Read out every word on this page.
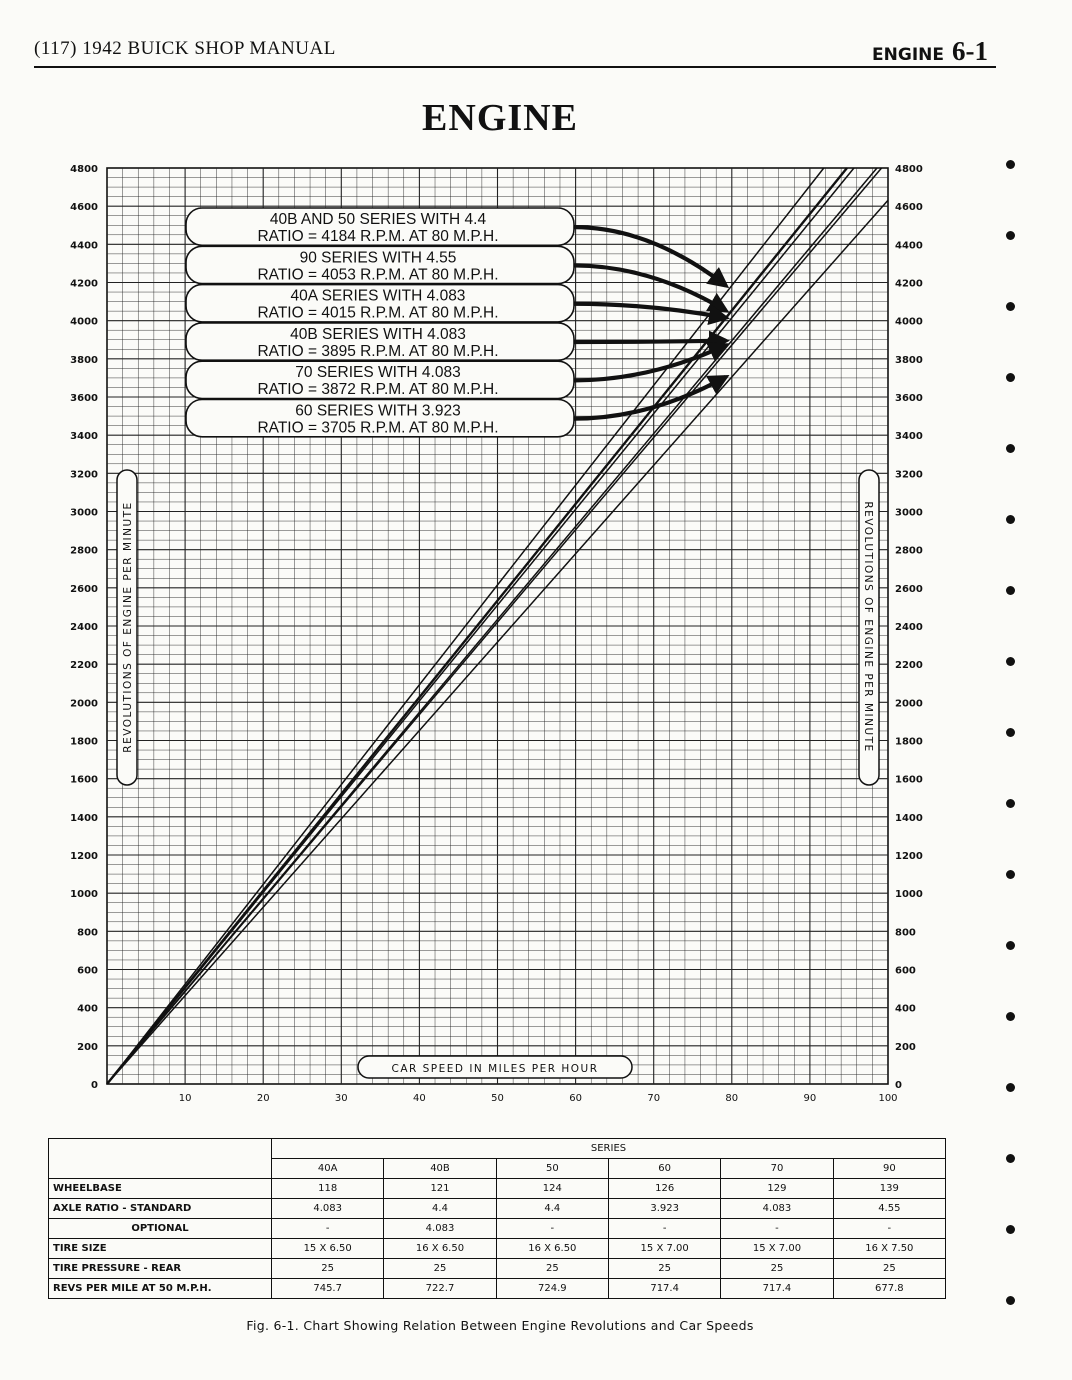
(117) 1942 BUICK SHOP MANUAL	ENGINE 6-1
ENGINE
0
200
400
600
800
1000
1200
1400
1600
1800
2000
2200
2400
2600
2800
3000
3200
3400
3600
3800
4000
4200
4400
4600
4800
0
200
400
600
800
1000
1200
1400
1600
1800
2000
2200
2400
2600
2800
3000
3200
3400
3600
3800
4000
4200
4400
4600
4800
10	20	30	40	50	60	70	80	90	100
40B AND 50 SERIES WITH 4.4
RATIO = 4184 R.P.M. AT 80 M.P.H.
90 SERIES WITH 4.55
RATIO = 4053 R.P.M. AT 80 M.P.H.
40A SERIES WITH 4.083
RATIO = 4015 R.P.M. AT 80 M.P.H.
40B SERIES WITH 4.083
RATIO = 3895 R.P.M. AT 80 M.P.H.
70 SERIES WITH 4.083
RATIO = 3872 R.P.M. AT 80 M.P.H.
60 SERIES WITH 3.923
RATIO = 3705 R.P.M. AT 80 M.P.H.
REVOLUTIONS OF ENGINE PER MINUTE	REVOLUTIONS OF ENGINE PER MINUTE
CAR SPEED IN MILES PER HOUR
	SERIES					
	40A	40B	50	60	70	90
WHEELBASE	118	121	124	126	129	139
AXLE RATIO - STANDARD	4.083	4.4	4.4	3.923	4.083	4.55
OPTIONAL	-	4.083	-	-	-	-
TIRE SIZE	15 X 6.50	16 X 6.50	16 X 6.50	15 X 7.00	15 X 7.00	16 X 7.50
TIRE PRESSURE - REAR	25	25	25	25	25	25
REVS PER MILE AT 50 M.P.H.	745.7	722.7	724.9	717.4	717.4	677.8
Fig. 6-1. Chart Showing Relation Between Engine Revolutions and Car Speeds
